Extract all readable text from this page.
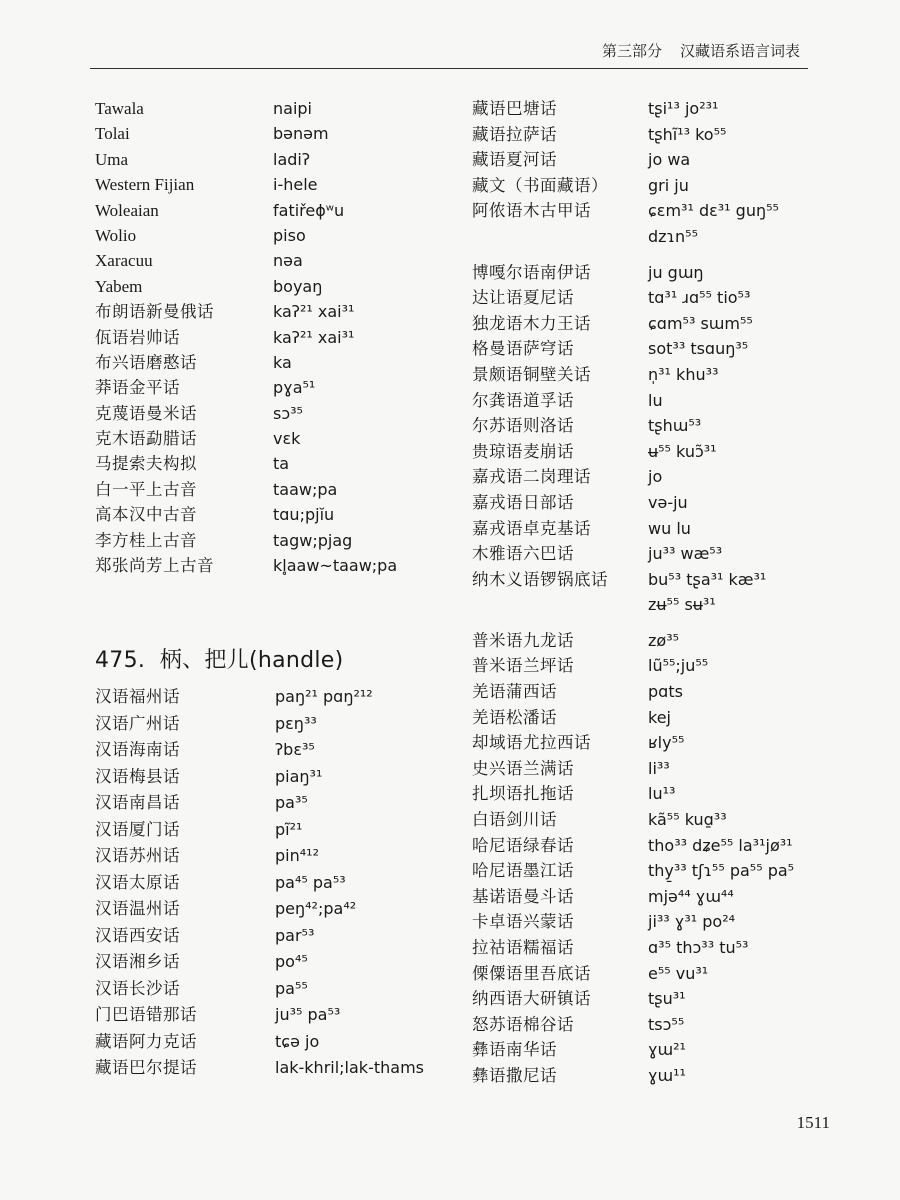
第三部分 汉藏语系语言词表
Tawala	naipi
Tolai	bənəm
Uma	ladiʔ
Western Fijian	i-hele
Woleaian	fatiřeɸʷu
Wolio	piso
Xaracuu	nəa
Yabem	boyaŋ
布朗语新曼俄话	kaʔ²¹ xai³¹
佤语岩帅话	kaʔ²¹ xai³¹
布兴语磨憨话	ka
莽语金平话	pɣa⁵¹
克蔑语曼米话	sɔ³⁵
克木语勐腊话	vɛk
马提索夫构拟	ta
白一平上古音	taaw;pa
高本汉中古音	tɑu;pjĭu
李方桂上古音	tagw;pjag
郑张尚芳上古音	kl̥aaw~taaw;pa
475. 柄、把儿(handle)
汉语福州话	paŋ²¹ pɑŋ²¹²
汉语广州话	pɛŋ³³
汉语海南话	ʔbɛ³⁵
汉语梅县话	piaŋ³¹
汉语南昌话	pa³⁵
汉语厦门话	pĩ²¹
汉语苏州话	pin⁴¹²
汉语太原话	pa⁴⁵ pa⁵³
汉语温州话	peŋ⁴²;pa⁴²
汉语西安话	par⁵³
汉语湘乡话	po⁴⁵
汉语长沙话	pa⁵⁵
门巴语错那话	ju³⁵ pa⁵³
藏语阿力克话	tɕə jo
藏语巴尔提话	lak-khril;lak-thams
藏语巴塘话	tʂi¹³ jo²³¹
藏语拉萨话	tʂhĩ¹³ ko⁵⁵
藏语夏河话	jo wa
藏文（书面藏语）	gri ju
阿侬语木古甲话	ɕɛm³¹ dɛ³¹ guŋ⁵⁵
dzɿn⁵⁵
博嘎尔语南伊话	ju gɯŋ
达让语夏尼话	tɑ³¹ ɹɑ⁵⁵ tio⁵³
独龙语木力王话	ɕɑm⁵³ sɯm⁵⁵
格曼语萨穹话	sot³³ tsɑuŋ³⁵
景颇语铜壁关话	n̩³¹ khu³³
尔龚语道孚话	lu
尔苏语则洛话	tʂhɯ⁵³
贵琼语麦崩话	ʉ⁵⁵ kuɔ̃³¹
嘉戎语二岗理话	jo
嘉戎语日部话	və-ju
嘉戎语卓克基话	wu lu
木雅语六巴话	ju³³ wæ⁵³
纳木义语锣锅底话	bu⁵³ tʂa³¹ kæ³¹
zʉ⁵⁵ sʉ³¹
普米语九龙话	zø³⁵
普米语兰坪话	lũ⁵⁵;ju⁵⁵
羌语蒲西话	pɑts
羌语松潘话	kej
却域语尤拉西话	ʁly⁵⁵
史兴语兰满话	li³³
扎坝语扎拖话	lu¹³
白语剑川话	kã⁵⁵ kuɑ̱³³
哈尼语绿春话	tho³³ dʑe⁵⁵ la³¹jø³¹
哈尼语墨江话	thy̱³³ tʃɿ⁵⁵ pa⁵⁵ pa⁵
基诺语曼斗话	mjə⁴⁴ ɣɯ⁴⁴
卡卓语兴蒙话	ji³³ ɣ³¹ po²⁴
拉祜语糯福话	ɑ³⁵ thɔ³³ tu⁵³
傈僳语里吾底话	e⁵⁵ vu³¹
纳西语大研镇话	tʂu³¹
怒苏语棉谷话	tsɔ⁵⁵
彝语南华话	ɣɯ²¹
彝语撒尼话	ɣɯ¹¹
1511
